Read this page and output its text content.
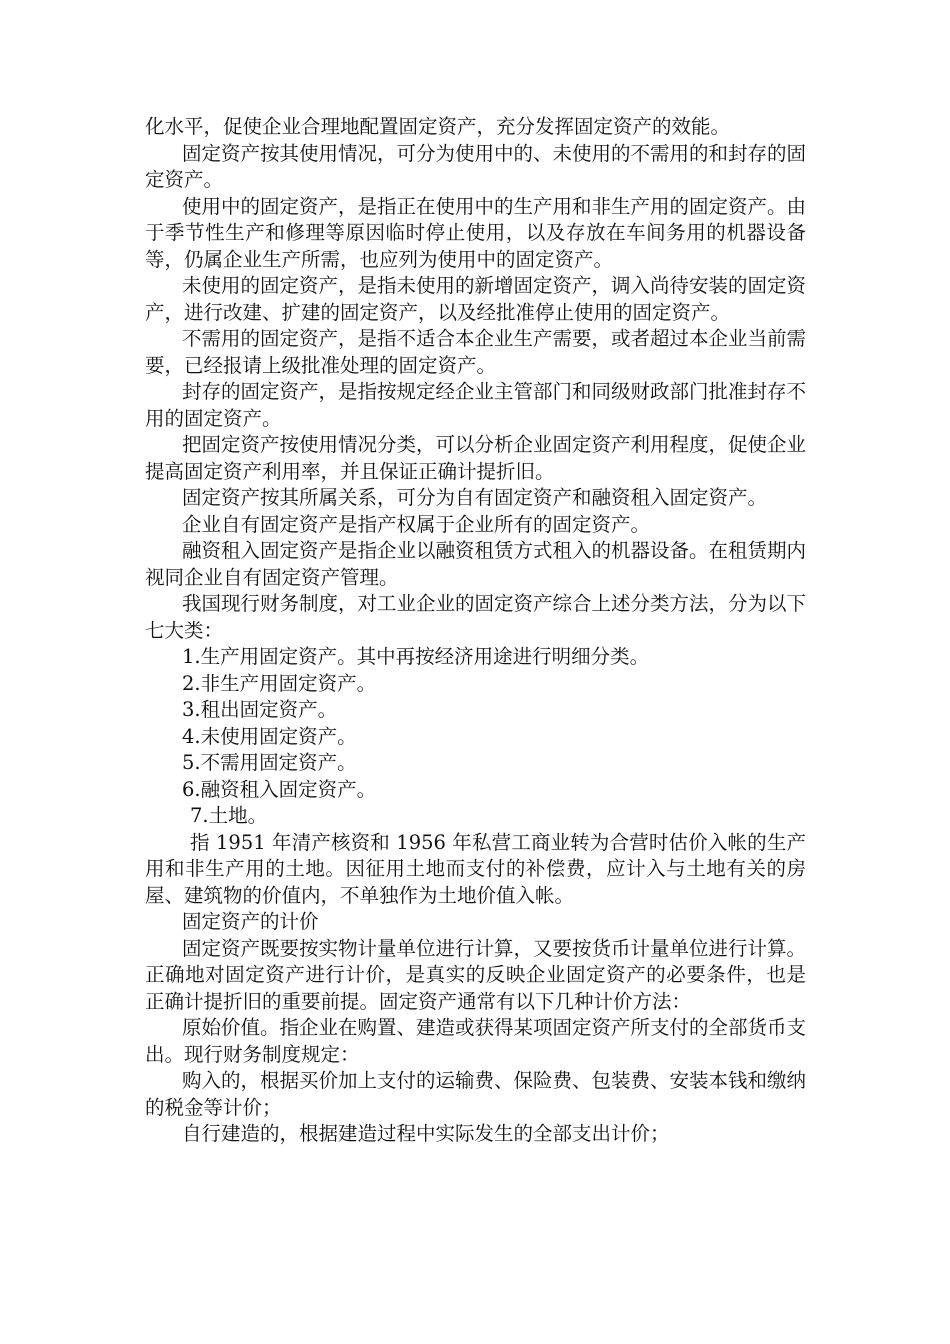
化水平，促使企业合理地配置固定资产，充分发挥固定资产的效能。

固定资产按其使用情况，可分为使用中的、未使用的不需用的和封存的固定资产。

使用中的固定资产，是指正在使用中的生产用和非生产用的固定资产。由于季节性生产和修理等原因临时停止使用，以及存放在车间务用的机器设备等，仍属企业生产所需，也应列为使用中的固定资产。

未使用的固定资产，是指未使用的新增固定资产，调入尚待安装的固定资产，进行改建、扩建的固定资产，以及经批准停止使用的固定资产。

不需用的固定资产，是指不适合本企业生产需要，或者超过本企业当前需要，已经报请上级批准处理的固定资产。

封存的固定资产，是指按规定经企业主管部门和同级财政部门批准封存不用的固定资产。

把固定资产按使用情况分类，可以分析企业固定资产利用程度，促使企业提高固定资产利用率，并且保证正确计提折旧。

固定资产按其所属关系，可分为自有固定资产和融资租入固定资产。

企业自有固定资产是指产权属于企业所有的固定资产。

融资租入固定资产是指企业以融资租赁方式租入的机器设备。在租赁期内视同企业自有固定资产管理。

我国现行财务制度，对工业企业的固定资产综合上述分类方法，分为以下七大类：

1.生产用固定资产。其中再按经济用途进行明细分类。

2.非生产用固定资产。

3.租出固定资产。

4.未使用固定资产。

5.不需用固定资产。

6.融资租入固定资产。

7.土地。

指 1951 年清产核资和 1956 年私营工商业转为合营时估价入帐的生产用和非生产用的土地。因征用土地而支付的补偿费，应计入与土地有关的房屋、建筑物的价值内，不单独作为土地价值入帐。

固定资产的计价

固定资产既要按实物计量单位进行计算，又要按货币计量单位进行计算。正确地对固定资产进行计价，是真实的反映企业固定资产的必要条件，也是正确计提折旧的重要前提。固定资产通常有以下几种计价方法：

原始价值。指企业在购置、建造或获得某项固定资产所支付的全部货币支出。现行财务制度规定：

购入的，根据买价加上支付的运输费、保险费、包装费、安装本钱和缴纳的税金等计价；

自行建造的，根据建造过程中实际发生的全部支出计价；
